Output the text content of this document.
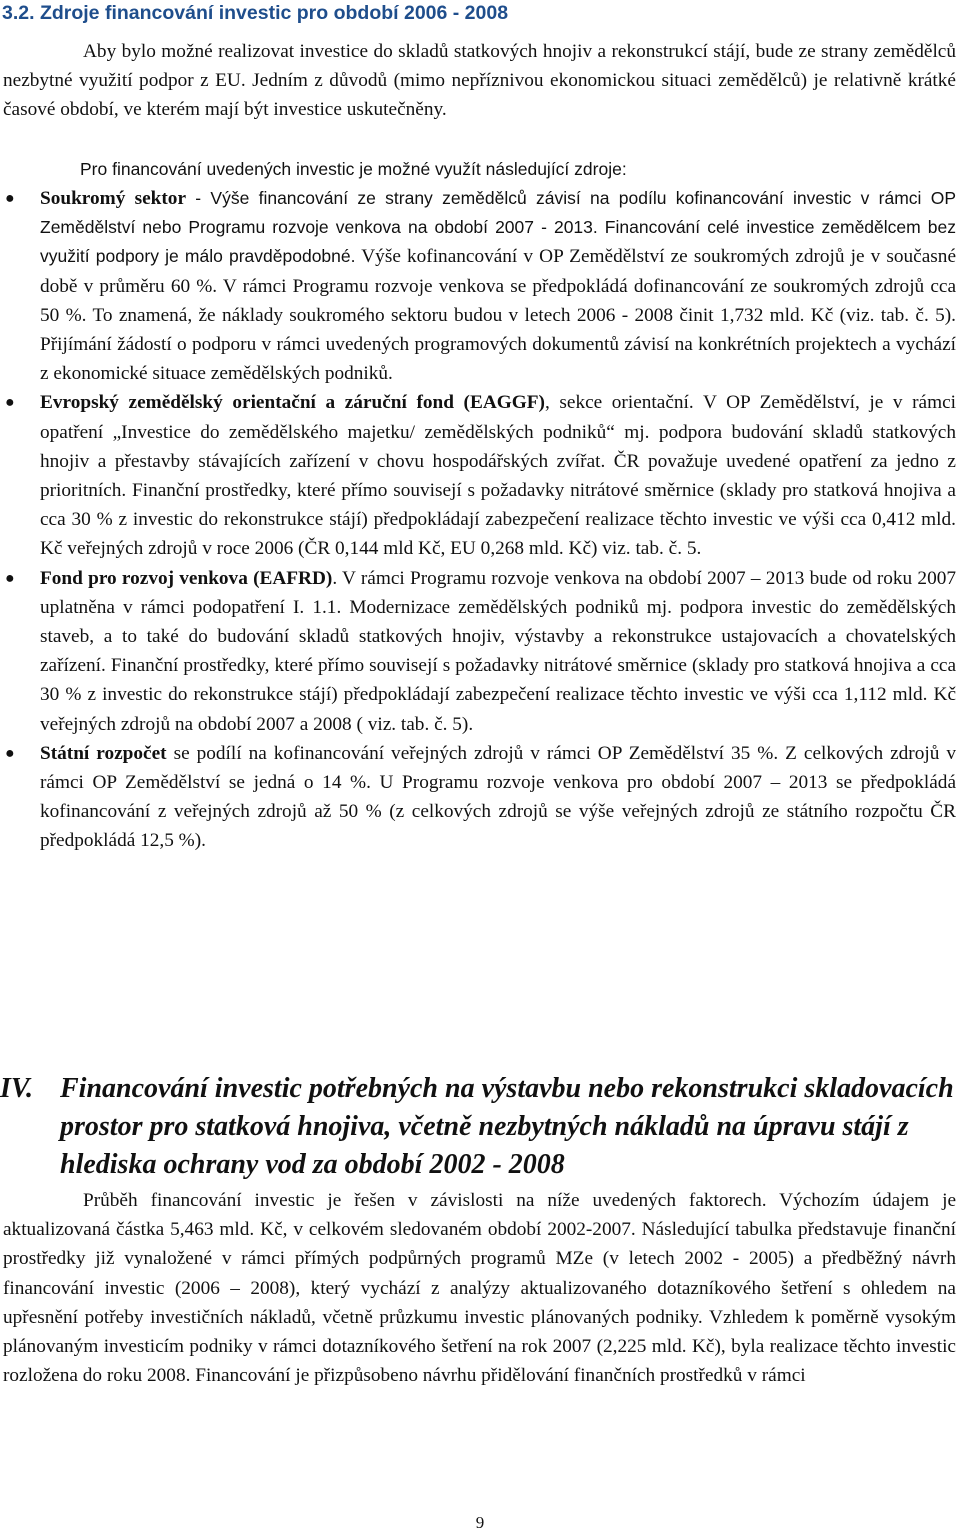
3.2. Zdroje financování investic pro období 2006 - 2008

Aby bylo možné realizovat investice do skladů statkových hnojiv a rekonstrukcí stájí, bude ze strany zemědělců nezbytné využití podpor z EU. Jedním z důvodů (mimo nepříznivou ekonomickou situaci zemědělců) je relativně krátké časové období, ve kterém mají být investice uskutečněny.

Pro financování uvedených investic je možné využít následující zdroje:

● Soukromý sektor - Výše financování ze strany zemědělců závisí na podílu kofinancování investic v rámci OP Zemědělství nebo Programu rozvoje venkova na období 2007 - 2013. Financování celé investice zemědělcem bez využití podpory je málo pravděpodobné. Výše kofinancování v OP Zemědělství ze soukromých zdrojů je v současné době v průměru 60 %. V rámci Programu rozvoje venkova se předpokládá dofinancování ze soukromých zdrojů cca 50 %. To znamená, že náklady soukromého sektoru budou v letech 2006 - 2008 činit 1,732 mld. Kč (viz. tab. č. 5). Přijímání žádostí o podporu v rámci uvedených programových dokumentů závisí na konkrétních projektech a vychází z ekonomické situace zemědělských podniků.
● Evropský zemědělský orientační a záruční fond (EAGGF), sekce orientační. V OP Zemědělství, je v rámci opatření „Investice do zemědělského majetku/ zemědělských podniků“ mj. podpora budování skladů statkových hnojiv a přestavby stávajících zařízení v chovu hospodářských zvířat. ČR považuje uvedené opatření za jedno z prioritních. Finanční prostředky, které přímo souvisejí s požadavky nitrátové směrnice (sklady pro statková hnojiva a cca 30 % z investic do rekonstrukce stájí) předpokládají zabezpečení realizace těchto investic ve výši cca 0,412 mld. Kč veřejných zdrojů v roce 2006 (ČR 0,144 mld Kč, EU 0,268 mld. Kč) viz. tab. č. 5.
● Fond pro rozvoj venkova (EAFRD). V rámci Programu rozvoje venkova na období 2007 – 2013 bude od roku 2007 uplatněna v rámci podopatření I. 1.1. Modernizace zemědělských podniků mj. podpora investic do zemědělských staveb, a to také do budování skladů statkových hnojiv, výstavby a rekonstrukce ustajovacích a chovatelských zařízení. Finanční prostředky, které přímo souvisejí s požadavky nitrátové směrnice (sklady pro statková hnojiva a cca 30 % z investic do rekonstrukce stájí) předpokládají zabezpečení realizace těchto investic ve výši cca 1,112 mld. Kč veřejných zdrojů na období 2007 a 2008 ( viz. tab. č. 5).
● Státní rozpočet se podílí na kofinancování veřejných zdrojů v rámci OP Zemědělství 35 %. Z celkových zdrojů v rámci OP Zemědělství se jedná o 14 %. U Programu rozvoje venkova pro období 2007 – 2013 se předpokládá kofinancování z veřejných zdrojů až 50 % (z celkových zdrojů se výše veřejných zdrojů ze státního rozpočtu ČR předpokládá 12,5 %).
IV. Financování investic potřebných na výstavbu nebo rekonstrukci skladovacích prostor pro statková hnojiva, včetně nezbytných nákladů na úpravu stájí z hlediska ochrany vod za období 2002 - 2008

Průběh financování investic je řešen v závislosti na níže uvedených faktorech. Výchozím údajem je aktualizovaná částka 5,463 mld. Kč, v celkovém sledovaném období 2002-2007. Následující tabulka představuje finanční prostředky již vynaložené v rámci přímých podpůrných programů MZe (v letech 2002 - 2005) a předběžný návrh financování investic (2006 – 2008), který vychází z analýzy aktualizovaného dotazníkového šetření s ohledem na upřesnění potřeby investičních nákladů, včetně průzkumu investic plánovaných podniky. Vzhledem k poměrně vysokým plánovaným investicím podniky v rámci dotazníkového šetření na rok 2007 (2,225 mld. Kč), byla realizace těchto investic rozložena do roku 2008. Financování je přizpůsobeno návrhu přidělování finančních prostředků v rámci

9
